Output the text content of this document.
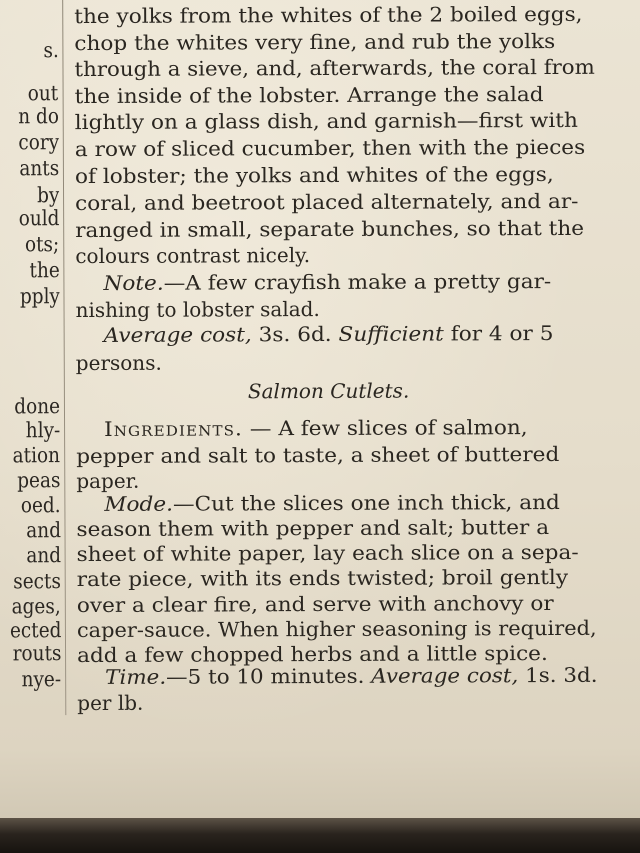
s.
out
n do
cory
ants
by
ould
ots;
the
pply
done
hly-
ation
peas
oed.
and
and
sects
ages,
ected
routs
nye-
the yolks from the whites of the 2 boiled eggs,
chop the whites very fine, and rub the yolks
through a sieve, and, afterwards, the coral from
the inside of the lobster. Arrange the salad
lightly on a glass dish, and garnish—first with
a row of sliced cucumber, then with the pieces
of lobster; the yolks and whites of the eggs,
coral, and beetroot placed alternately, and ar-
ranged in small, separate bunches, so that the
colours contrast nicely.
Note.—A few crayfish make a pretty gar-
nishing to lobster salad.
Average cost, 3s. 6d. Sufficient for 4 or 5
persons.
Salmon Cutlets.
Ingredients. — A few slices of salmon,
pepper and salt to taste, a sheet of buttered
paper.
Mode.—Cut the slices one inch thick, and
season them with pepper and salt; butter a
sheet of white paper, lay each slice on a sepa-
rate piece, with its ends twisted; broil gently
over a clear fire, and serve with anchovy or
caper-sauce. When higher seasoning is required,
add a few chopped herbs and a little spice.
Time.—5 to 10 minutes. Average cost, 1s. 3d.
per lb.
